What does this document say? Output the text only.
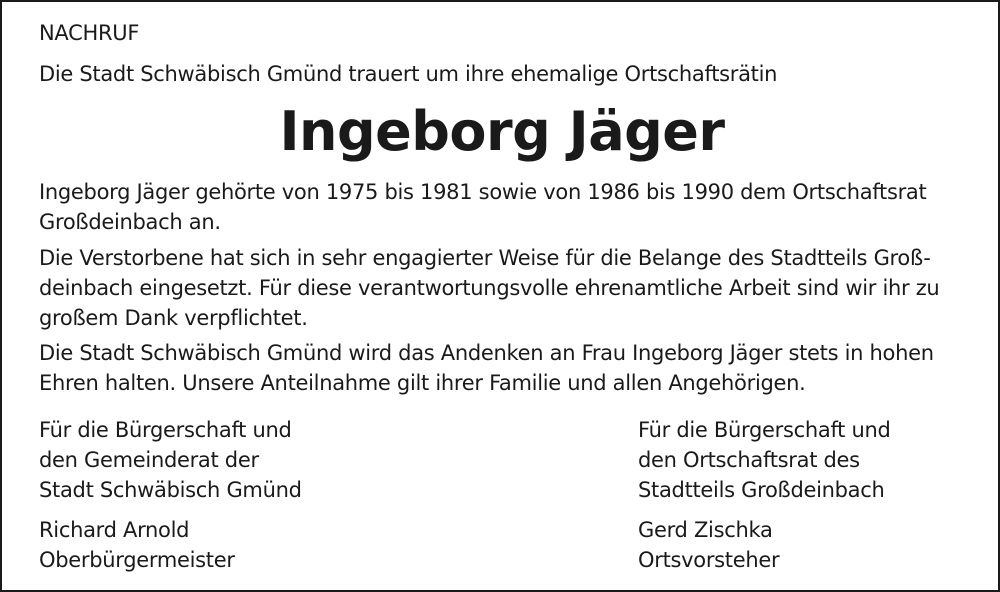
NACHRUF
Die Stadt Schwäbisch Gmünd trauert um ihre ehemalige Ortschaftsrätin
Ingeborg Jäger
Ingeborg Jäger gehörte von 1975 bis 1981 sowie von 1986 bis 1990 dem Ortschaftsrat
Großdeinbach an.
Die Verstorbene hat sich in sehr engagierter Weise für die Belange des Stadtteils Groß-
deinbach eingesetzt. Für diese verantwortungsvolle ehrenamtliche Arbeit sind wir ihr zu
großem Dank verpflichtet.
Die Stadt Schwäbisch Gmünd wird das Andenken an Frau Ingeborg Jäger stets in hohen
Ehren halten. Unsere Anteilnahme gilt ihrer Familie und allen Angehörigen.
Für die Bürgerschaft und
den Gemeinderat der
Stadt Schwäbisch Gmünd
Richard Arnold
Oberbürgermeister
Für die Bürgerschaft und
den Ortschaftsrat des
Stadtteils Großdeinbach
Gerd Zischka
Ortsvorsteher
